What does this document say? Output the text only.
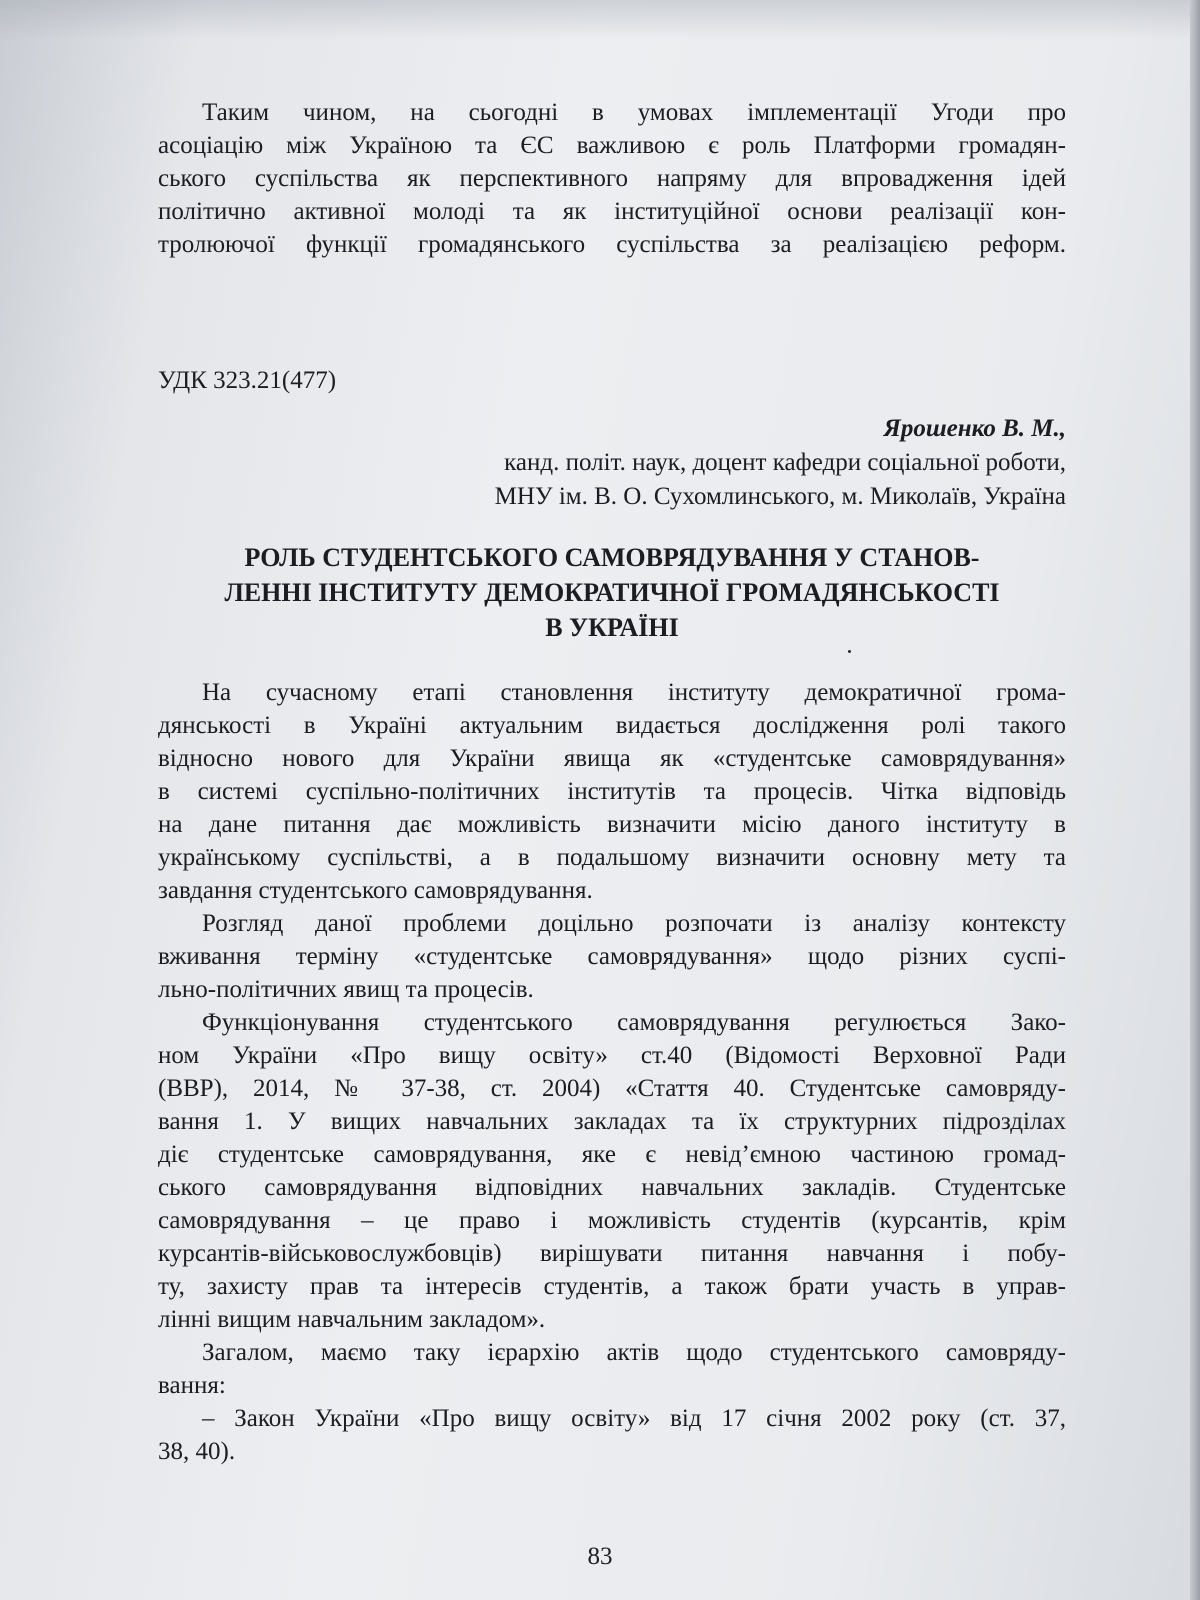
Таким чином, на сьогодні в умовах імплементації Угоди про
асоціацію між Україною та ЄС важливою є роль Платформи громадян-
ського суспільства як перспективного напряму для впровадження ідей
політично активної молоді та як інституційної основи реалізації кон-
тролюючої функції громадянського суспільства за реалізацією реформ.
УДК 323.21(477)
Ярошенко В. М.,
канд. політ. наук, доцент кафедри соціальної роботи,
МНУ ім. В. О. Сухомлинського, м. Миколаїв, Україна
РОЛЬ СТУДЕНТСЬКОГО САМОВРЯДУВАННЯ У СТАНОВ-
ЛЕННІ ІНСТИТУТУ ДЕМОКРАТИЧНОЇ ГРОМАДЯНСЬКОСТІ
В УКРАЇНІ
На сучасному етапі становлення інституту демократичної грома-
дянськості в Україні актуальним видається дослідження ролі такого
відносно нового для України явища як «студентське самоврядування»
в системі суспільно-політичних інститутів та процесів. Чітка відповідь
на дане питання дає можливість визначити місію даного інституту в
українському суспільстві, а в подальшому визначити основну мету та
завдання студентського самоврядування.
Розгляд даної проблеми доцільно розпочати із аналізу контексту
вживання терміну «студентське самоврядування» щодо різних суспі-
льно-політичних явищ та процесів.
Функціонування студентського самоврядування регулюється Зако-
ном України «Про вищу освіту» ст.40 (Відомості Верховної Ради
(ВВР), 2014, № 37-38, ст. 2004) «Стаття 40. Студентське самовряду-
вання 1. У вищих навчальних закладах та їх структурних підрозділах
діє студентське самоврядування, яке є невід’ємною частиною громад-
ського самоврядування відповідних навчальних закладів. Студентське
самоврядування – це право і можливість студентів (курсантів, крім
курсантів-військовослужбовців) вирішувати питання навчання і побу-
ту, захисту прав та інтересів студентів, а також брати участь в управ-
лінні вищим навчальним закладом».
Загалом, маємо таку ієрархію актів щодо студентського самовряду-
вання:
– Закон України «Про вищу освіту» від 17 січня 2002 року (ст. 37,
38, 40).
83
